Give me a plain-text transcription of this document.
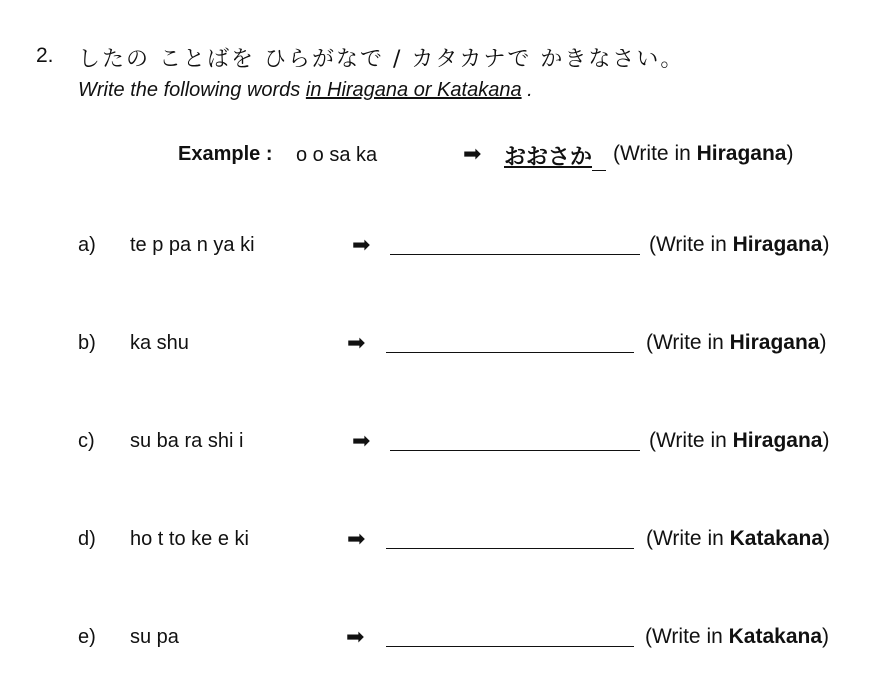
2. したの ことばを ひらがなで / カタカナで かきなさい。
Write the following words in Hiragana or Katakana .
Example : o o sa ka	➡ おおさか (Write in Hiragana)
a) te p pa n ya ki	➡	(Write in Hiragana)
b) ka shu	➡	(Write in Hiragana)
c) su ba ra shi i	➡	(Write in Hiragana)
d) ho t to ke e ki	➡	(Write in Katakana)
e) su pa	➡	(Write in Katakana)
